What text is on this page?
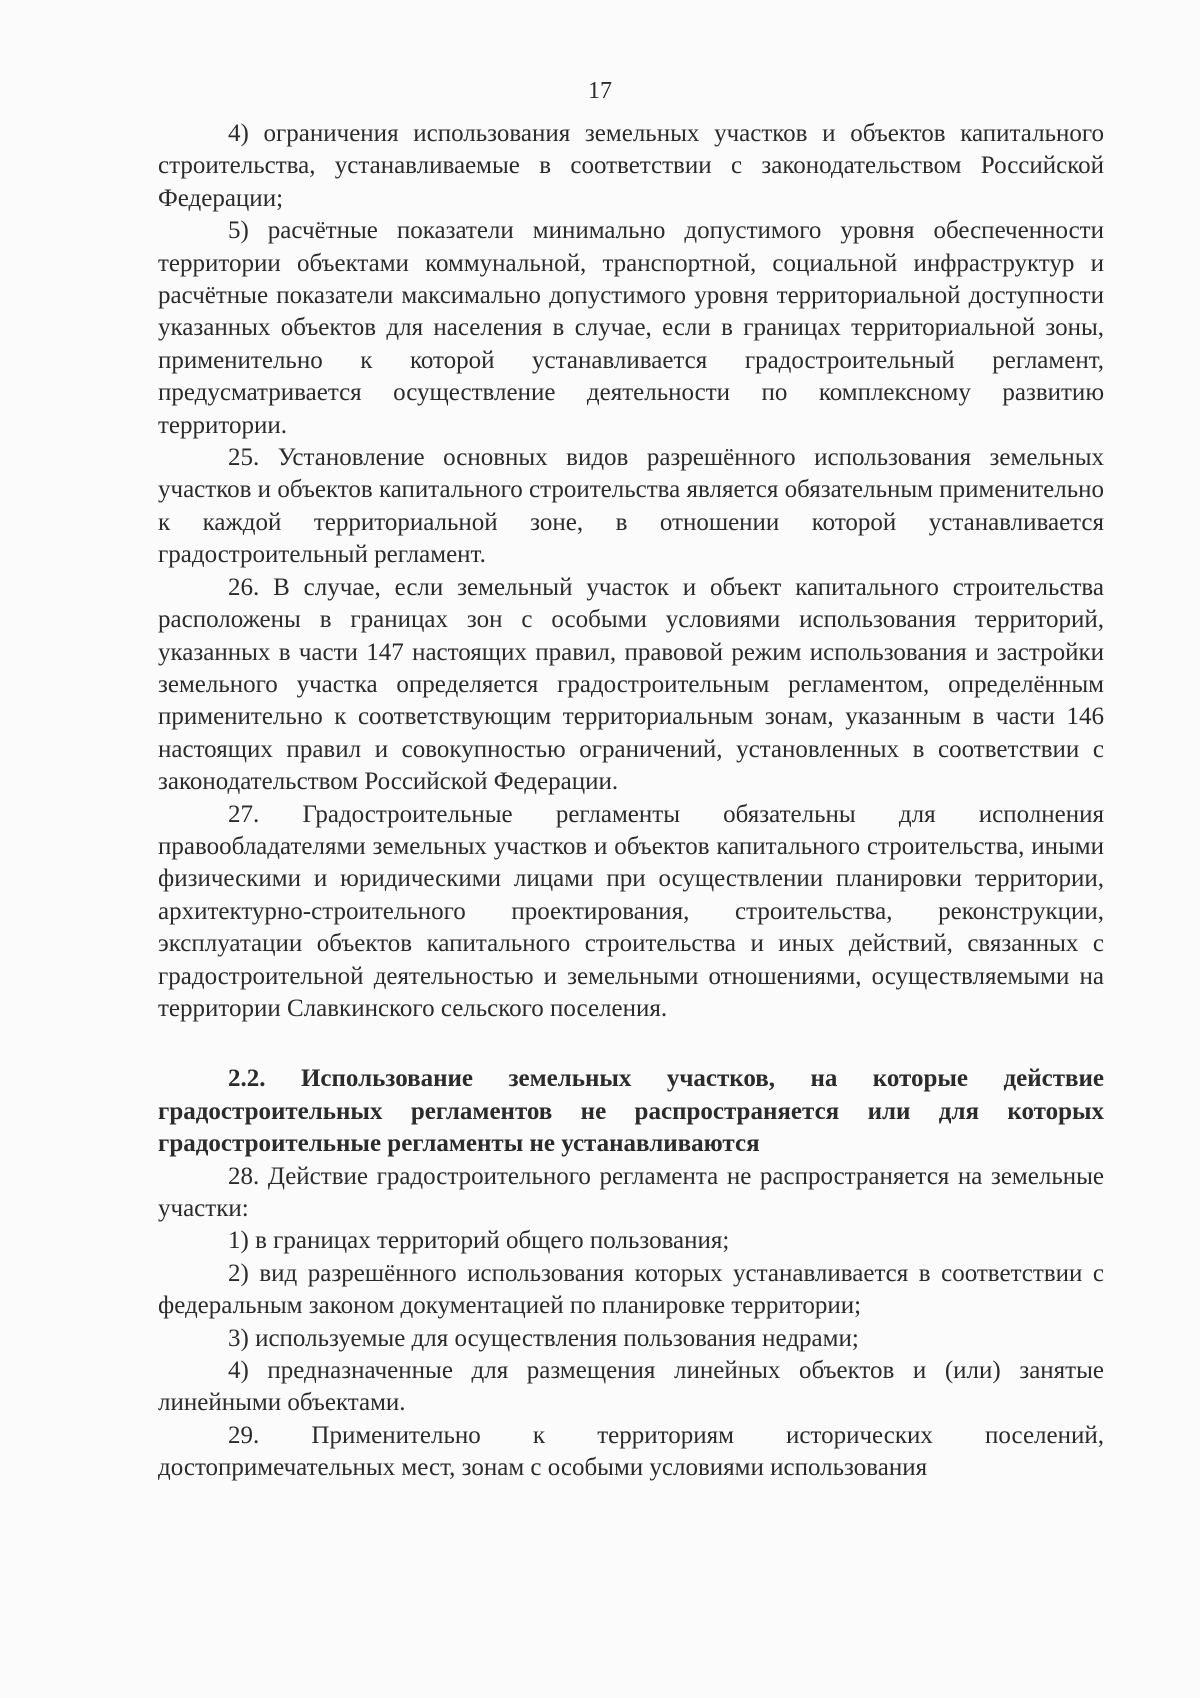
17

4) ограничения использования земельных участков и объектов капитального строительства, устанавливаемые в соответствии с законодательством Российской Федерации;

5) расчётные показатели минимально допустимого уровня обеспеченности территории объектами коммунальной, транспортной, социальной инфраструктур и расчётные показатели максимально допустимого уровня территориальной доступности указанных объектов для населения в случае, если в границах территориальной зоны, применительно к которой устанавливается градостроительный регламент, предусматривается осуществление деятельности по комплексному развитию территории.

25. Установление основных видов разрешённого использования земельных участков и объектов капитального строительства является обязательным применительно к каждой территориальной зоне, в отношении которой устанавливается градостроительный регламент.

26. В случае, если земельный участок и объект капитального строительства расположены в границах зон с особыми условиями использования территорий, указанных в части 147 настоящих правил, правовой режим использования и застройки земельного участка определяется градостроительным регламентом, определённым применительно к соответствующим территориальным зонам, указанным в части 146 настоящих правил и совокупностью ограничений, установленных в соответствии с законодательством Российской Федерации.

27. Градостроительные регламенты обязательны для исполнения правообладателями земельных участков и объектов капитального строительства, иными физическими и юридическими лицами при осуществлении планировки территории, архитектурно-строительного проектирования, строительства, реконструкции, эксплуатации объектов капитального строительства и иных действий, связанных с градостроительной деятельностью и земельными отношениями, осуществляемыми на территории Славкинского сельского поселения.

2.2. Использование земельных участков, на которые действие градостроительных регламентов не распространяется или для которых градостроительные регламенты не устанавливаются

28. Действие градостроительного регламента не распространяется на земельные участки:

1) в границах территорий общего пользования;

2) вид разрешённого использования которых устанавливается в соответствии с федеральным законом документацией по планировке территории;

3) используемые для осуществления пользования недрами;

4) предназначенные для размещения линейных объектов и (или) занятые линейными объектами.

29. Применительно к территориям исторических поселений, достопримечательных мест, зонам с особыми условиями использования
